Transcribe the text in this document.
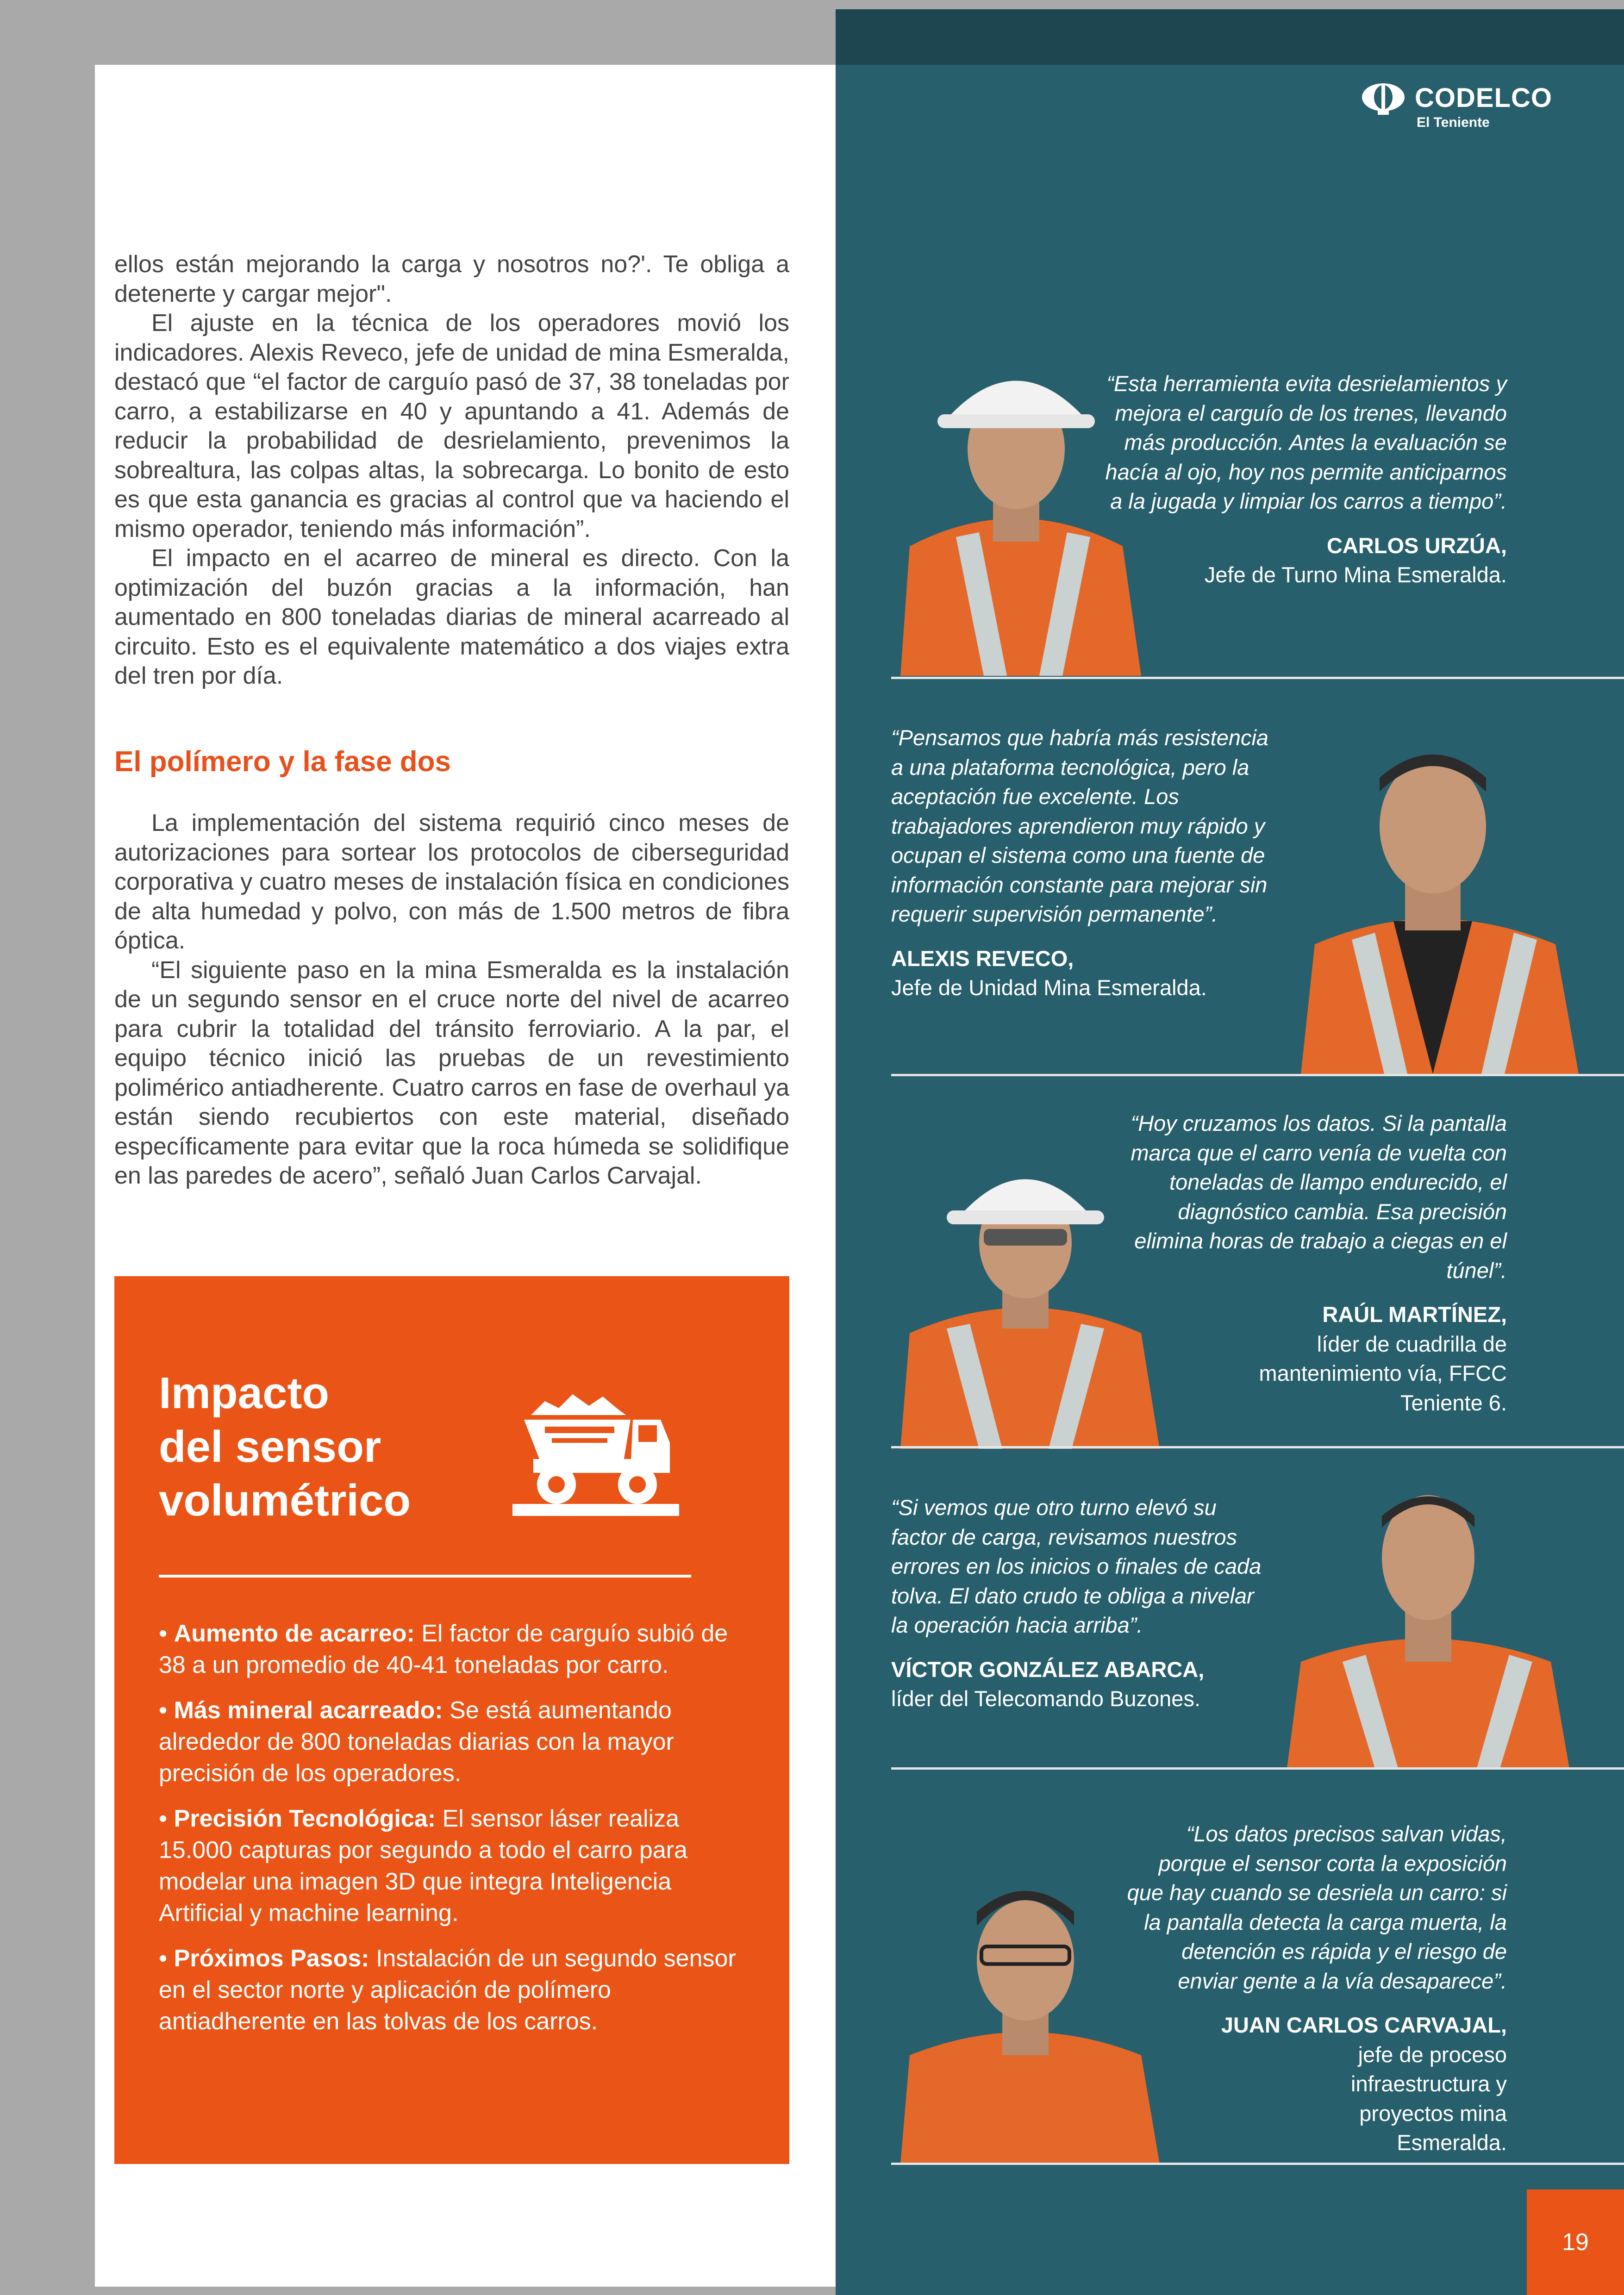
CODELCO
El Teniente

ellos están mejorando la carga y nosotros no?'. Te obliga a detenerte y cargar mejor".

El ajuste en la técnica de los operadores movió los indicadores. Alexis Reveco, jefe de unidad de mina Esmeralda, destacó que “el factor de carguío pasó de 37, 38 toneladas por carro, a estabilizarse en 40 y apuntando a 41. Además de reducir la probabilidad de desrielamiento, prevenimos la sobrealtura, las colpas altas, la sobrecarga. Lo bonito de esto es que esta ganancia es gracias al control que va haciendo el mismo operador, teniendo más información”.

El impacto en el acarreo de mineral es directo. Con la optimización del buzón gracias a la información, han aumentado en 800 toneladas diarias de mineral acarreado al circuito. Esto es el equivalente matemático a dos viajes extra del tren por día.

El polímero y la fase dos

La implementación del sistema requirió cinco meses de autorizaciones para sortear los protocolos de ciberseguridad corporativa y cuatro meses de instalación física en condiciones de alta humedad y polvo, con más de 1.500 metros de fibra óptica.

“El siguiente paso en la mina Esmeralda es la instalación de un segundo sensor en el cruce norte del nivel de acarreo para cubrir la totalidad del tránsito ferroviario. A la par, el equipo técnico inició las pruebas de un revestimiento polimérico antiadherente. Cuatro carros en fase de overhaul ya están siendo recubiertos con este material, diseñado específicamente para evitar que la roca húmeda se solidifique en las paredes de acero”, señaló Juan Carlos Carvajal.

Impacto
del sensor
volumétrico

• Aumento de acarreo: El factor de carguío subió de 38 a un promedio de 40-41 toneladas por carro.

• Más mineral acarreado: Se está aumentando alrededor de 800 toneladas diarias con la mayor precisión de los operadores.

• Precisión Tecnológica: El sensor láser realiza 15.000 capturas por segundo a todo el carro para modelar una imagen 3D que integra Inteligencia Artificial y machine learning.

• Próximos Pasos: Instalación de un segundo sensor en el sector norte y aplicación de polímero antiadherente en las tolvas de los carros.

“Esta herramienta evita desrielamientos y mejora el carguío de los trenes, llevando más producción. Antes la evaluación se hacía al ojo, hoy nos permite anticiparnos a la jugada y limpiar los carros a tiempo”.

CARLOS URZÚA,

Jefe de Turno Mina Esmeralda.

“Pensamos que habría más resistencia a una plataforma tecnológica, pero la aceptación fue excelente. Los trabajadores aprendieron muy rápido y ocupan el sistema como una fuente de información constante para mejorar sin requerir supervisión permanente”.

ALEXIS REVECO,

Jefe de Unidad Mina Esmeralda.

“Hoy cruzamos los datos. Si la pantalla marca que el carro venía de vuelta con toneladas de llampo endurecido, el diagnóstico cambia. Esa precisión elimina horas de trabajo a ciegas en el túnel”.

RAÚL MARTÍNEZ,

líder de cuadrilla de mantenimiento vía, FFCC Teniente 6.

“Si vemos que otro turno elevó su factor de carga, revisamos nuestros errores en los inicios o finales de cada tolva. El dato crudo te obliga a nivelar la operación hacia arriba”.

VÍCTOR GONZÁLEZ ABARCA,

líder del Telecomando Buzones.

“Los datos precisos salvan vidas, porque el sensor corta la exposición que hay cuando se desriela un carro: si la pantalla detecta la carga muerta, la detención es rápida y el riesgo de enviar gente a la vía desaparece”.

JUAN CARLOS CARVAJAL,

jefe de proceso infraestructura y proyectos mina Esmeralda.

19
